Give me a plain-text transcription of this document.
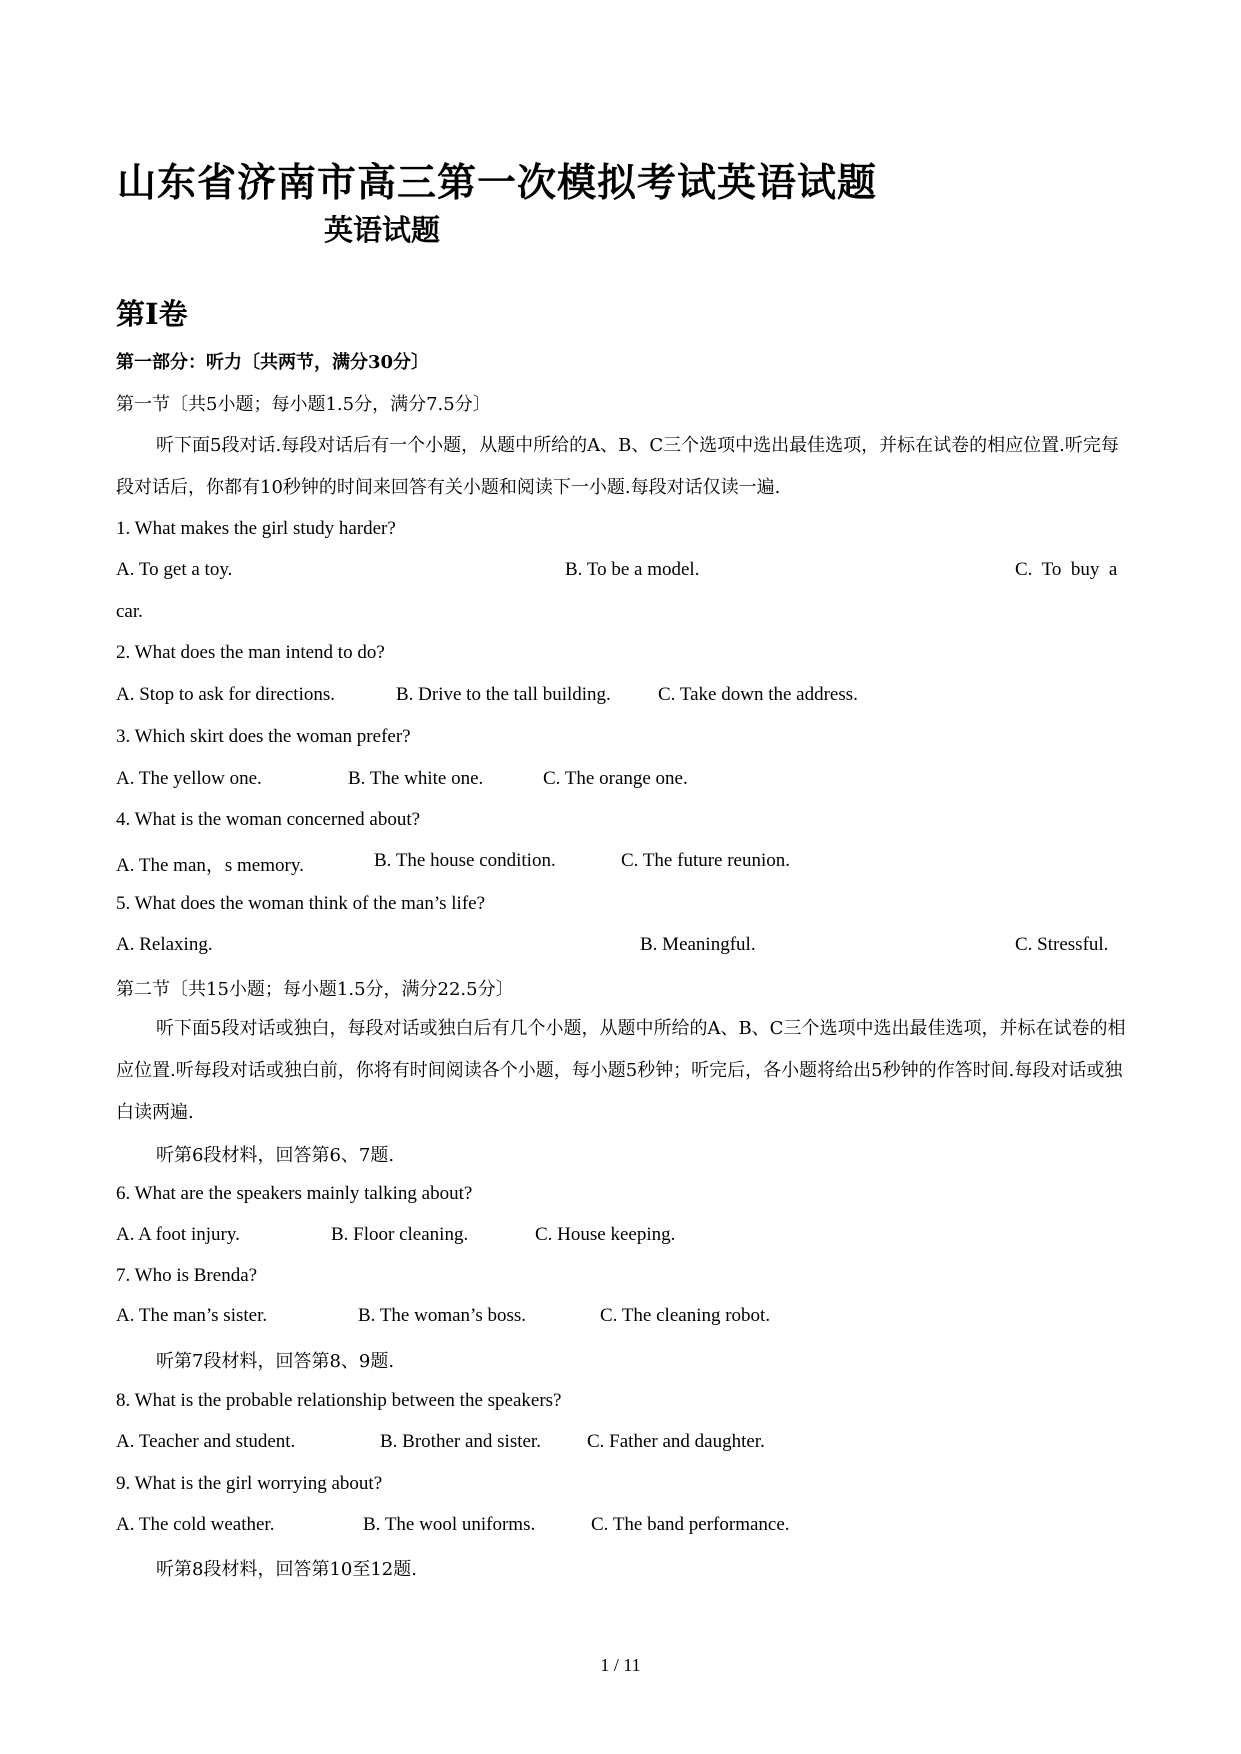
山东省济南市高三第一次模拟考试英语试题
英语试题
第Ⅰ卷
第一部分：听力〔共两节，满分30分〕
第一节〔共5小题；每小题1.5分，满分7.5分〕
听下面5段对话.每段对话后有一个小题，从题中所给的A、B、C三个选项中选出最佳选项，并标在试卷的相应位置.听完每段对话后，你都有10秒钟的时间来回答有关小题和阅读下一小题.每段对话仅读一遍.
1. What makes the girl study harder?
A. To get a toy.	B. To be a model.	C.  To  buy  a
car.
2. What does the man intend to do?
A. Stop to ask for directions.	B. Drive to the tall building. C. Take down the address.
3. Which skirt does the woman prefer?
A. The yellow one.	B. The white one.	C. The orange one.
4. What is the woman concerned about?
A. The man，s memory.	B. The house condition.	C. The future reunion.
5. What does the woman think of the man’s life?
A. Relaxing.	B. Meaningful.	C. Stressful.
第二节〔共15小题；每小题1.5分，满分22.5分〕
听下面5段对话或独白，每段对话或独白后有几个小题，从题中所给的A、B、C三个选项中选出最佳选项，并标在试卷的相应位置.听每段对话或独白前，你将有时间阅读各个小题，每小题5秒钟；听完后，各小题将给出5秒钟的作答时间.每段对话或独白读两遍.
听第6段材料，回答第6、7题.
6. What are the speakers mainly talking about?
A. A foot injury.	B. Floor cleaning.	C. House keeping.
7. Who is Brenda?
A. The man’s sister.	B. The woman’s boss.	C. The cleaning robot.
听第7段材料，回答第8、9题.
8. What is the probable relationship between the speakers?
A. Teacher and student.	B. Brother and sister. C. Father and daughter.
9. What is the girl worrying about?
A. The cold weather.	B. The wool uniforms.	C. The band performance.
听第8段材料，回答第10至12题.
1 / 11
